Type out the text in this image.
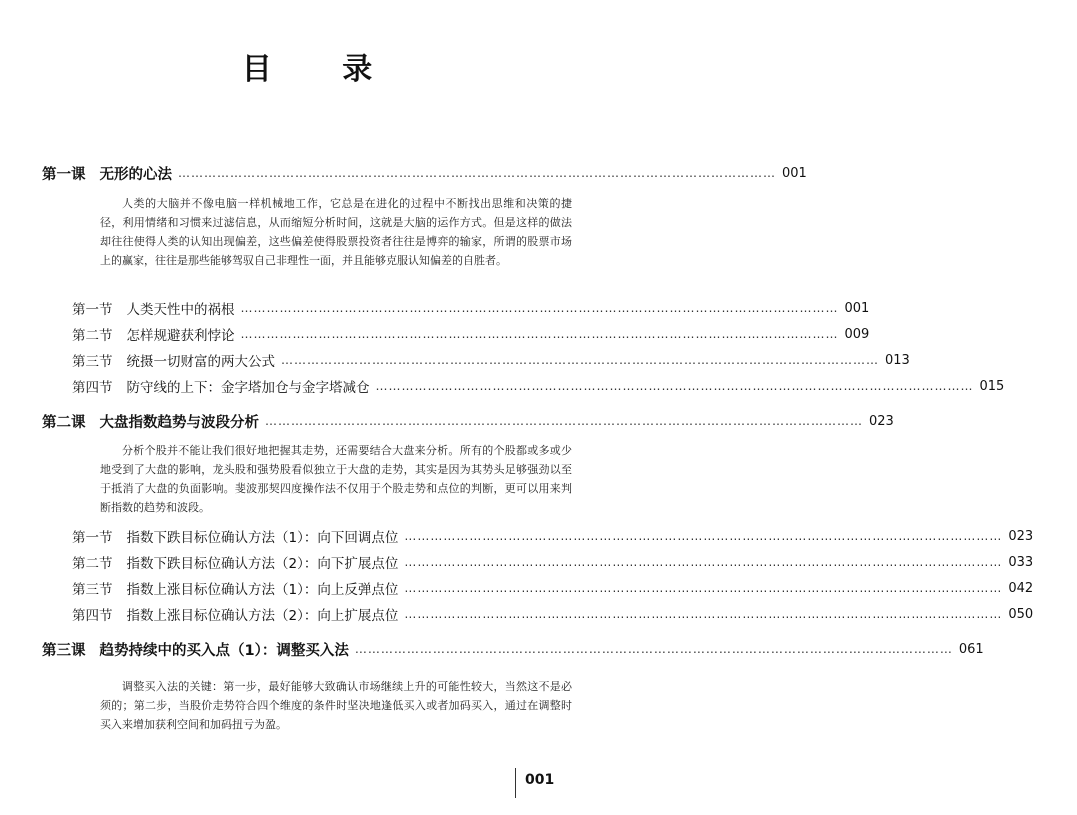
目 录
第一课 无形的心法 ………………………………………………………………………………………………………………………… 001
人类的大脑并不像电脑一样机械地工作，它总是在进化的过程中不断找出思维和决策的捷径，利用情绪和习惯来过滤信息，从而缩短分析时间，这就是大脑的运作方式。但是这样的做法却往往使得人类的认知出现偏差，这些偏差使得股票投资者往往是博弈的输家，所谓的股票市场上的赢家，往往是那些能够驾驭自己非理性一面，并且能够克服认知偏差的自胜者。
第一节 人类天性中的祸根 ………………………………………………………………………………………………………………………… 001
第二节 怎样规避获利悖论 ………………………………………………………………………………………………………………………… 009
第三节 统摄一切财富的两大公式 ………………………………………………………………………………………………………………………… 013
第四节 防守线的上下：金字塔加仓与金字塔减仓 ………………………………………………………………………………………………………………………… 015
第二课 大盘指数趋势与波段分析 ………………………………………………………………………………………………………………………… 023
分析个股并不能让我们很好地把握其走势，还需要结合大盘来分析。所有的个股都或多或少地受到了大盘的影响，龙头股和强势股看似独立于大盘的走势，其实是因为其势头足够强劲以至于抵消了大盘的负面影响。斐波那契四度操作法不仅用于个股走势和点位的判断，更可以用来判断指数的趋势和波段。
第一节 指数下跌目标位确认方法（1）：向下回调点位 ………………………………………………………………………………………………………………………… 023
第二节 指数下跌目标位确认方法（2）：向下扩展点位 ………………………………………………………………………………………………………………………… 033
第三节 指数上涨目标位确认方法（1）：向上反弹点位 ………………………………………………………………………………………………………………………… 042
第四节 指数上涨目标位确认方法（2）：向上扩展点位 ………………………………………………………………………………………………………………………… 050
第三课 趋势持续中的买入点（1）：调整买入法 ………………………………………………………………………………………………………………………… 061
调整买入法的关键：第一步，最好能够大致确认市场继续上升的可能性较大，当然这不是必须的；第二步，当股价走势符合四个维度的条件时坚决地逢低买入或者加码买入，通过在调整时买入来增加获利空间和加码扭亏为盈。
001
